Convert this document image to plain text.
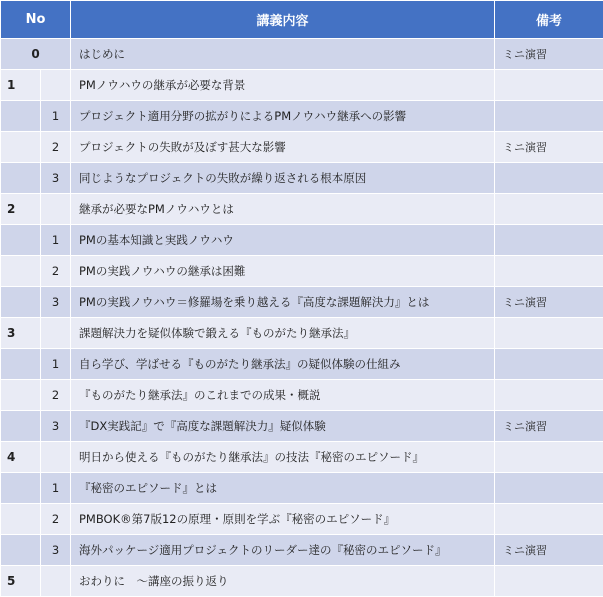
No		講義内容	備考
0		はじめに	ミニ演習
1		PMノウハウの継承が必要な背景	
	1	プロジェクト適用分野の拡がりによるPMノウハウ継承への影響	
	2	プロジェクトの失敗が及ぼす甚大な影響	ミニ演習
	3	同じようなプロジェクトの失敗が繰り返される根本原因	
2		継承が必要なPMノウハウとは	
	1	PMの基本知識と実践ノウハウ	
	2	PMの実践ノウハウの継承は困難	
	3	PMの実践ノウハウ＝修羅場を乗り越える『高度な課題解決力』とは	ミニ演習
3		課題解決力を疑似体験で鍛える『ものがたり継承法』	
	1	自ら学び、学ばせる『ものがたり継承法』の疑似体験の仕組み	
	2	『ものがたり継承法』のこれまでの成果・概説	
	3	『DX実践記』で『高度な課題解決力』疑似体験	ミニ演習
4		明日から使える『ものがたり継承法』の技法『秘密のエピソード』	
	1	『秘密のエピソード』とは	
	2	PMBOK®第7版12の原理・原則を学ぶ『秘密のエピソード』	
	3	海外パッケージ適用プロジェクトのリーダー達の『秘密のエピソード』	ミニ演習
5		おわりに　～講座の振り返り	
